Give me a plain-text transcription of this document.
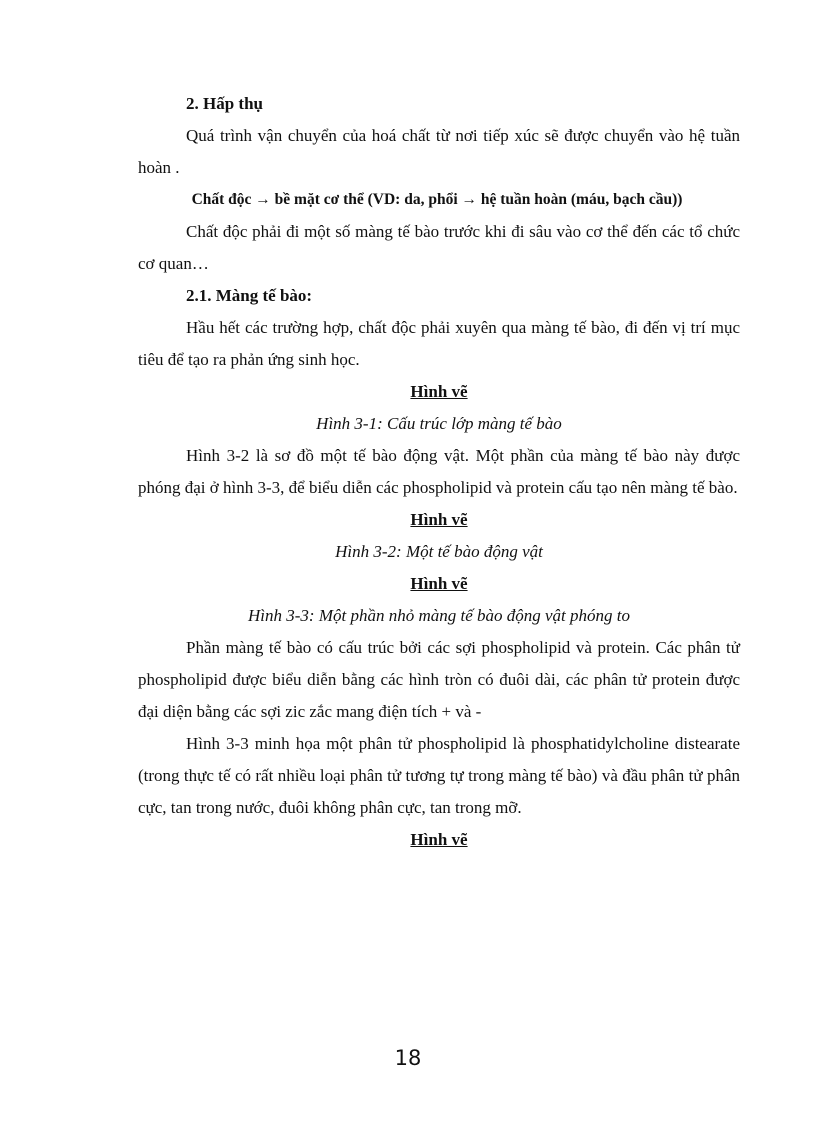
2. Hấp thụ

Quá trình vận chuyển của hoá chất từ nơi tiếp xúc sẽ được chuyển vào hệ tuần hoàn .

Chất độc → bề mặt cơ thể (VD: da, phổi → hệ tuần hoàn (máu, bạch cầu))

Chất độc phải đi một số màng tế bào trước khi đi sâu vào cơ thể đến các tổ chức cơ quan…

2.1. Màng tế bào:

Hầu hết các trường hợp, chất độc phải xuyên qua màng tế bào, đi đến vị trí mục tiêu để tạo ra phản ứng sinh học.

Hình vẽ

Hình 3-1: Cấu trúc lớp màng tế bào

Hình 3-2 là sơ đồ một tế bào động vật. Một phần của màng tế bào này được phóng đại ở hình 3-3, để biểu diễn các phospholipid và protein cấu tạo nên màng tế bào.

Hình vẽ

Hình 3-2: Một tế bào động vật

Hình vẽ

Hình 3-3: Một phần nhỏ màng tế bào động vật phóng to

Phần màng tế bào có cấu trúc bởi các sợi phospholipid và protein. Các phân tử phospholipid được biểu diễn bằng các hình tròn có đuôi dài, các phân tử protein được đại diện bằng các sợi zic zắc mang điện tích + và -

Hình 3-3 minh họa một phân tử phospholipid là phosphatidylcholine distearate (trong thực tế có rất nhiều loại phân tử tương tự trong màng tế bào) và đầu phân tử phân cực, tan trong nước, đuôi không phân cực, tan trong mỡ.

Hình vẽ

18
